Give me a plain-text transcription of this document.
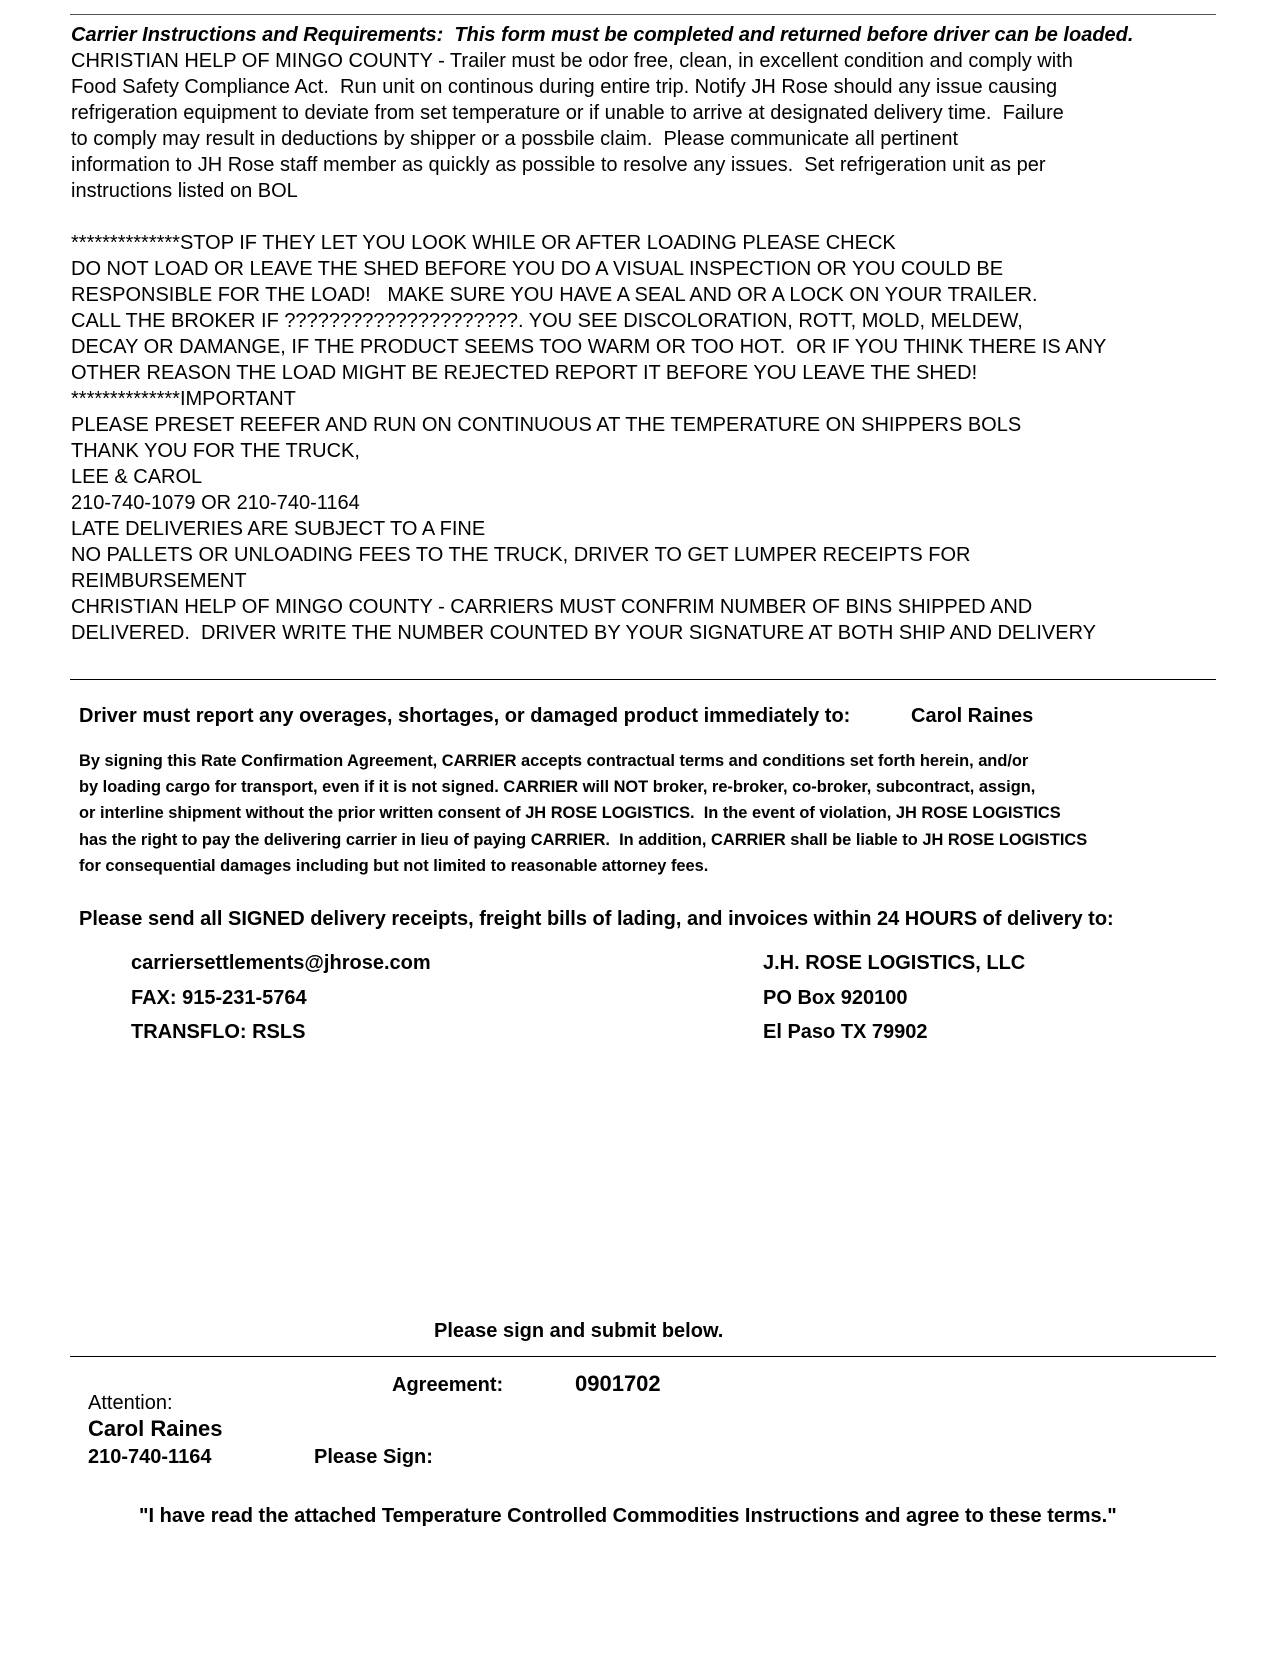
Carrier Instructions and Requirements:  This form must be completed and returned before driver can be loaded.

CHRISTIAN HELP OF MINGO COUNTY - Trailer must be odor free, clean, in excellent condition and comply with

Food Safety Compliance Act.  Run unit on continous during entire trip. Notify JH Rose should any issue causing

refrigeration equipment to deviate from set temperature or if unable to arrive at designated delivery time.  Failure

to comply may result in deductions by shipper or a possbile claim.  Please communicate all pertinent

information to JH Rose staff member as quickly as possible to resolve any issues.  Set refrigeration unit as per

instructions listed on BOL

**************STOP IF THEY LET YOU LOOK WHILE OR AFTER LOADING PLEASE CHECK

DO NOT LOAD OR LEAVE THE SHED BEFORE YOU DO A VISUAL INSPECTION OR YOU COULD BE

RESPONSIBLE FOR THE LOAD!   MAKE SURE YOU HAVE A SEAL AND OR A LOCK ON YOUR TRAILER.

CALL THE BROKER IF ?????????????????????. YOU SEE DISCOLORATION, ROTT, MOLD, MELDEW,

DECAY OR DAMANGE, IF THE PRODUCT SEEMS TOO WARM OR TOO HOT.  OR IF YOU THINK THERE IS ANY

OTHER REASON THE LOAD MIGHT BE REJECTED REPORT IT BEFORE YOU LEAVE THE SHED!

**************IMPORTANT

PLEASE PRESET REEFER AND RUN ON CONTINUOUS AT THE TEMPERATURE ON SHIPPERS BOLS

THANK YOU FOR THE TRUCK,

LEE & CAROL

210-740-1079 OR 210-740-1164

LATE DELIVERIES ARE SUBJECT TO A FINE

NO PALLETS OR UNLOADING FEES TO THE TRUCK, DRIVER TO GET LUMPER RECEIPTS FOR

REIMBURSEMENT

CHRISTIAN HELP OF MINGO COUNTY - CARRIERS MUST CONFRIM NUMBER OF BINS SHIPPED AND

DELIVERED.  DRIVER WRITE THE NUMBER COUNTED BY YOUR SIGNATURE AT BOTH SHIP AND DELIVERY

Driver must report any overages, shortages, or damaged product immediately to:	Carol Raines

By signing this Rate Confirmation Agreement, CARRIER accepts contractual terms and conditions set forth herein, and/or

by loading cargo for transport, even if it is not signed. CARRIER will NOT broker, re-broker, co-broker, subcontract, assign,

or interline shipment without the prior written consent of JH ROSE LOGISTICS.  In the event of violation, JH ROSE LOGISTICS

has the right to pay the delivering carrier in lieu of paying CARRIER.  In addition, CARRIER shall be liable to JH ROSE LOGISTICS

for consequential damages including but not limited to reasonable attorney fees.

Please send all SIGNED delivery receipts, freight bills of lading, and invoices within 24 HOURS of delivery to:

carriersettlements@jhrose.com

FAX: 915-231-5764

TRANSFLO: RSLS

J.H. ROSE LOGISTICS, LLC

PO Box 920100

El Paso TX 79902

Please sign and submit below.
Agreement:	0901702
Attention:
Carol Raines
210-740-1164	Please Sign:
"I have read the attached Temperature Controlled Commodities Instructions and agree to these terms."
